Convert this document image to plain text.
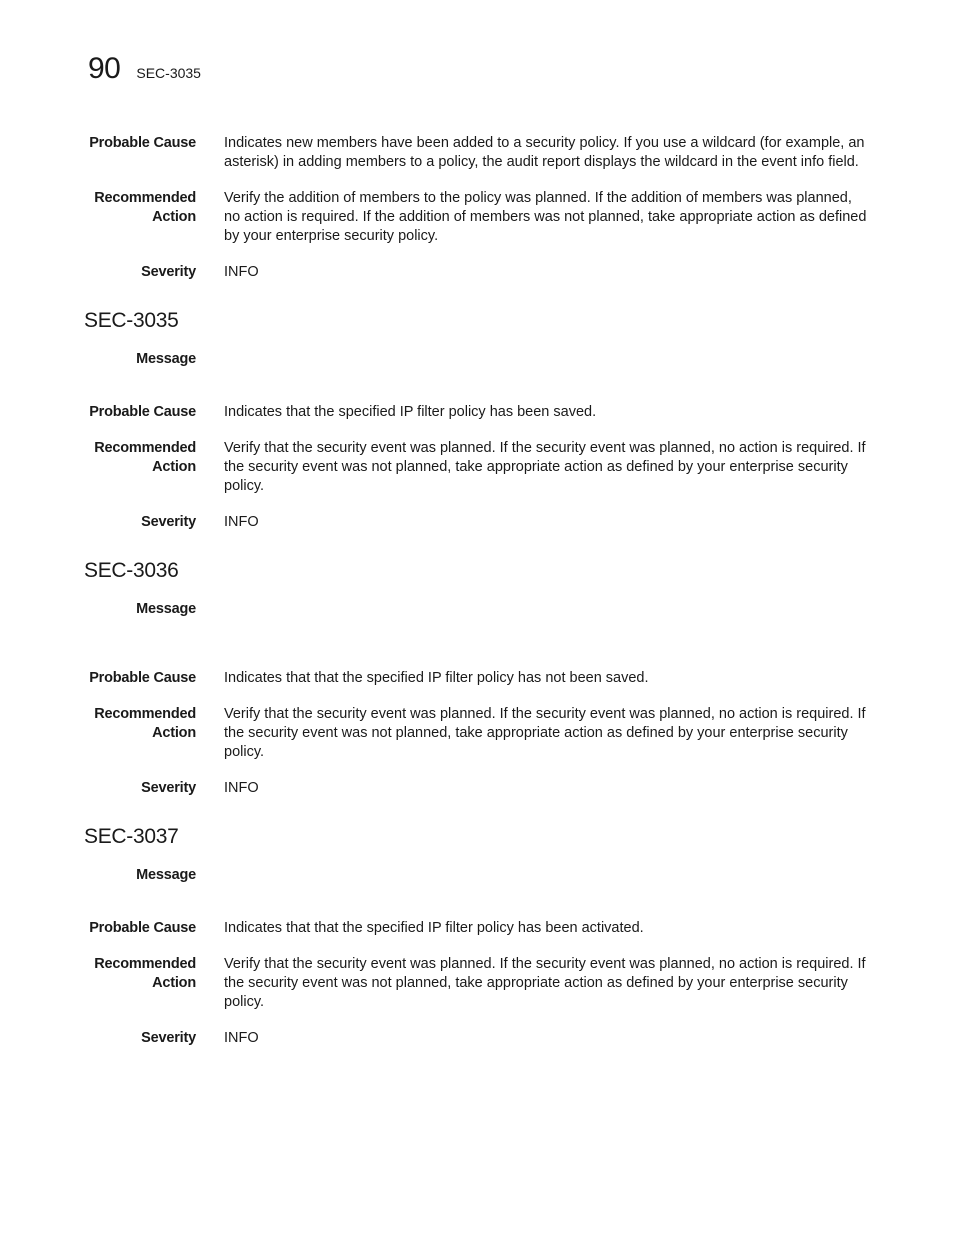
90 SEC-3035
Probable Cause Indicates new members have been added to a security policy. If you use a wildcard (for example, an asterisk) in adding members to a policy, the audit report displays the wildcard in the event info field.
Recommended
Action
Verify the addition of members to the policy was planned. If the addition of members was planned, no action is required. If the addition of members was not planned, take appropriate action as defined by your enterprise security policy.
Severity INFO
SEC-3035
Message
Probable Cause Indicates that the specified IP filter policy has been saved.
Recommended
Action
Verify that the security event was planned. If the security event was planned, no action is required. If the security event was not planned, take appropriate action as defined by your enterprise security policy.
Severity INFO
SEC-3036
Message
Probable Cause Indicates that that the specified IP filter policy has not been saved.
Recommended
Action
Verify that the security event was planned. If the security event was planned, no action is required. If the security event was not planned, take appropriate action as defined by your enterprise security policy.
Severity INFO
SEC-3037
Message
Probable Cause Indicates that that the specified IP filter policy has been activated.
Recommended
Action
Verify that the security event was planned. If the security event was planned, no action is required. If the security event was not planned, take appropriate action as defined by your enterprise security policy.
Severity INFO
